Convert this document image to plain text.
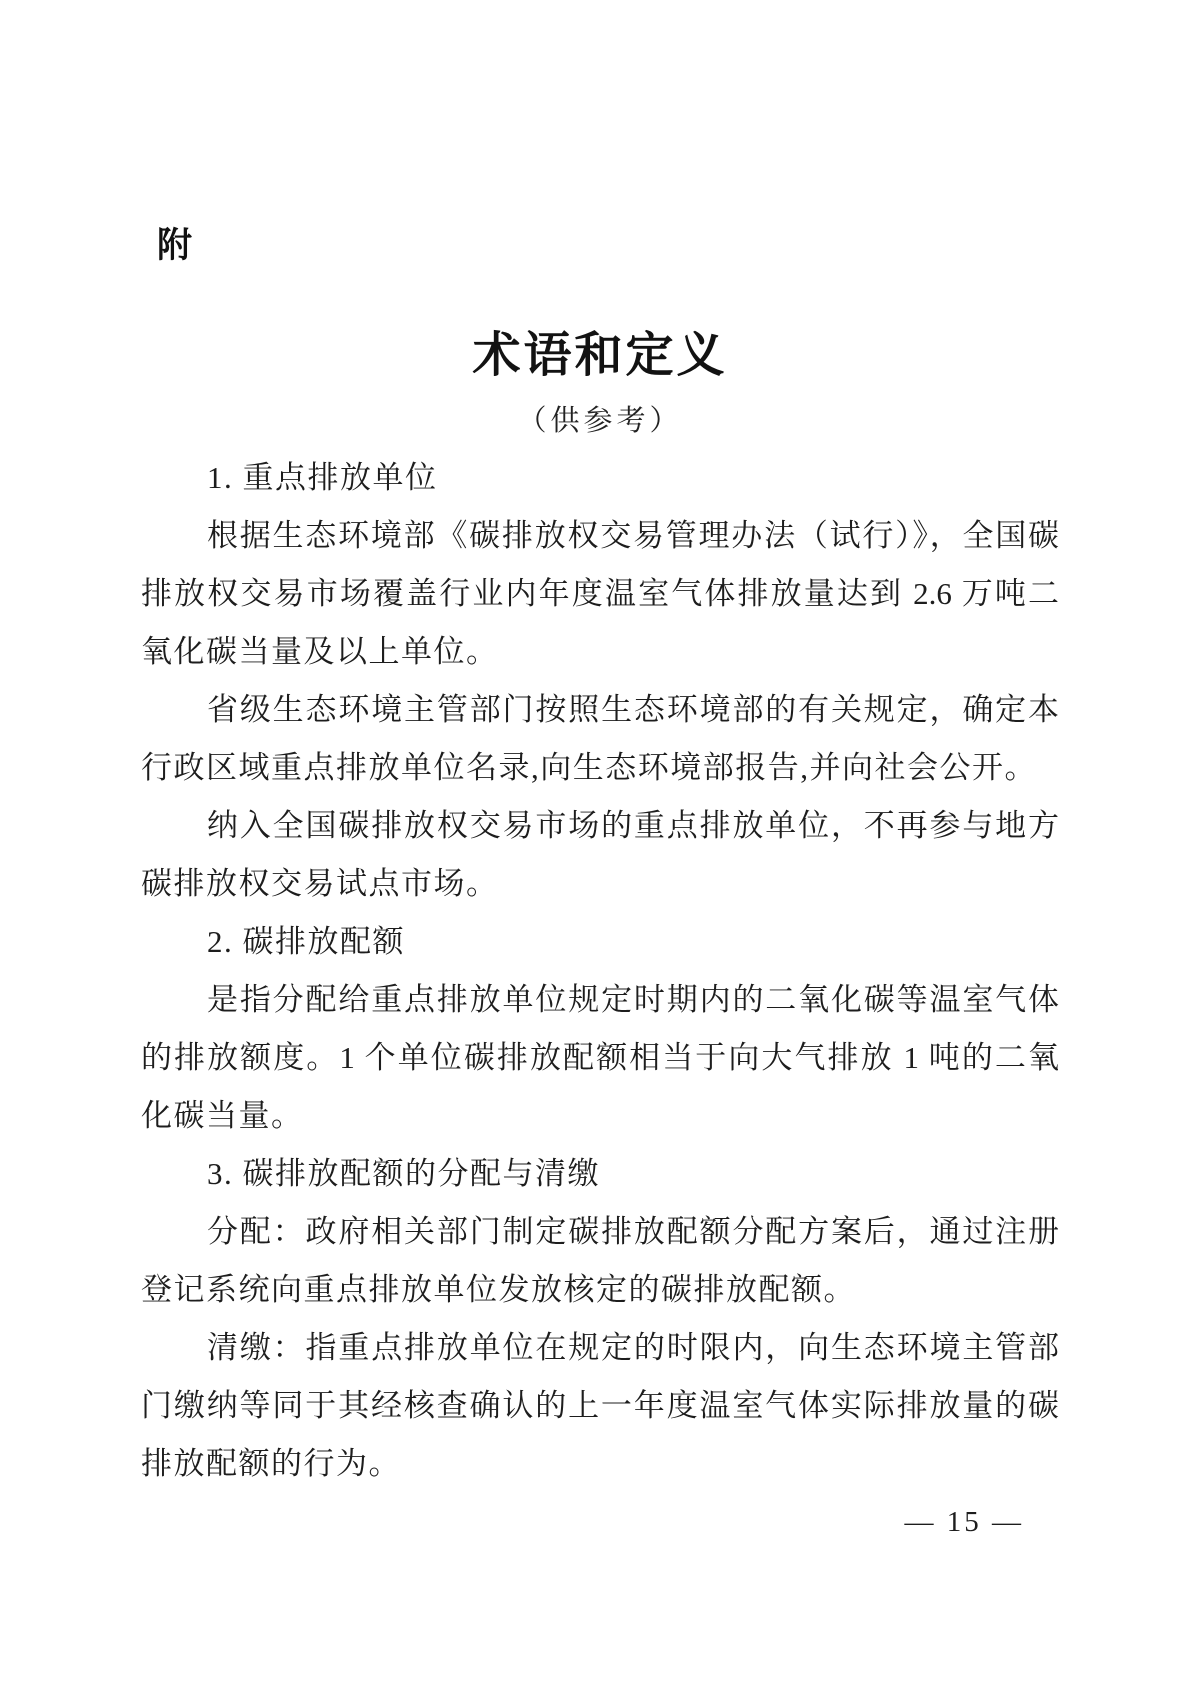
附
术语和定义
（供参考）
1. 重点排放单位
根据生态环境部《碳排放权交易管理办法（试行）》，全国碳
排放权交易市场覆盖行业内年度温室气体排放量达到 2.6 万吨二
氧化碳当量及以上单位。
省级生态环境主管部门按照生态环境部的有关规定，确定本
行政区域重点排放单位名录,向生态环境部报告,并向社会公开。
纳入全国碳排放权交易市场的重点排放单位，不再参与地方
碳排放权交易试点市场。
2. 碳排放配额
是指分配给重点排放单位规定时期内的二氧化碳等温室气体
的排放额度。1 个单位碳排放配额相当于向大气排放 1 吨的二氧
化碳当量。
3. 碳排放配额的分配与清缴
分配：政府相关部门制定碳排放配额分配方案后，通过注册
登记系统向重点排放单位发放核定的碳排放配额。
清缴：指重点排放单位在规定的时限内，向生态环境主管部
门缴纳等同于其经核查确认的上一年度温室气体实际排放量的碳
排放配额的行为。
— 15 —
